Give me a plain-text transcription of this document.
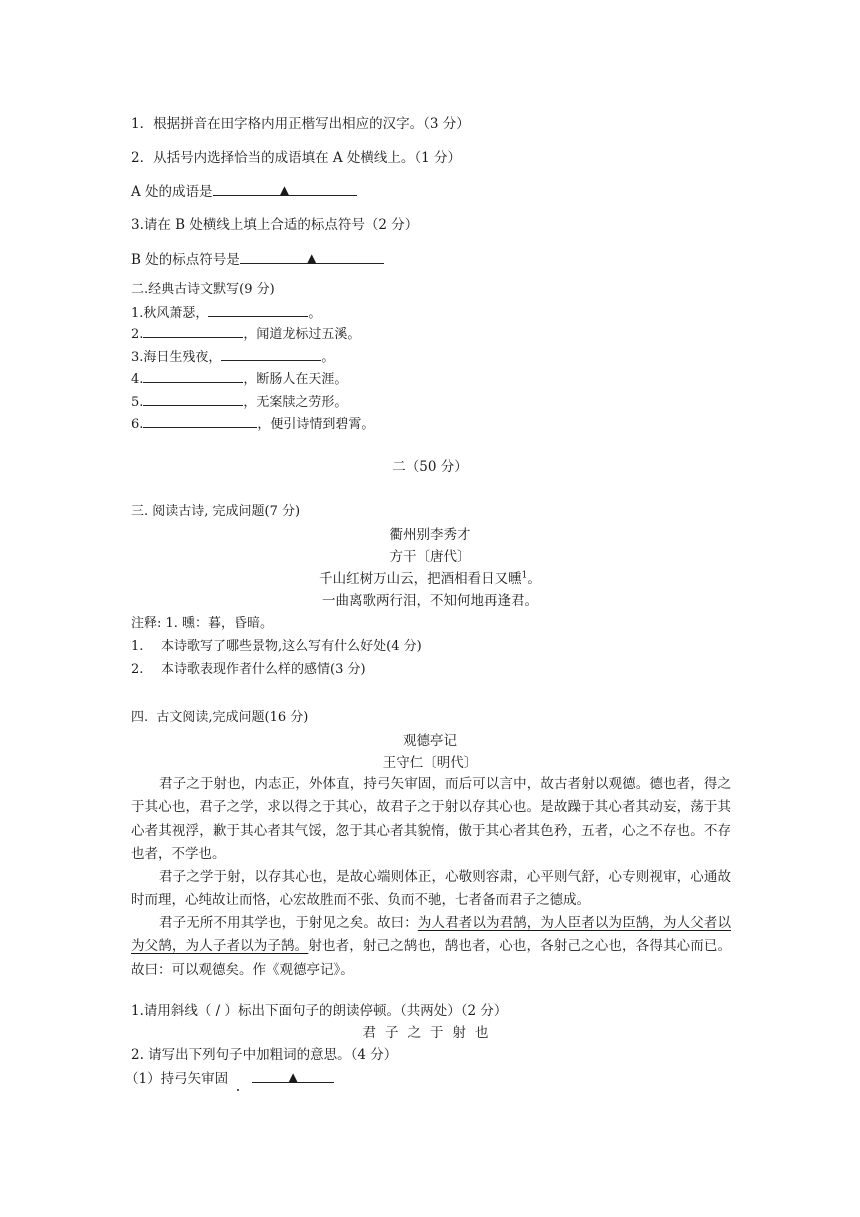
1．根据拼音在田字格内用正楷写出相应的汉字。（3 分）
2．从括号内选择恰当的成语填在 A 处横线上。（1 分）
A 处的成语是	▲
3.请在 B 处横线上填上合适的标点符号（2 分）
B 处的标点符号是	▲
二.经典古诗文默写(9 分)
1.秋风萧瑟，	。
2.	，闻道龙标过五溪。
3.海日生残夜，	。
4.	，断肠人在天涯。
5.	，无案牍之劳形。
6.	，便引诗情到碧霄。
二（50 分）
三. 阅读古诗, 完成问题(7 分)
衢州别李秀才
方干〔唐代〕
千山红树万山云，把酒相看日又曛$^1$。
一曲离歌两行泪，不知何地再逢君。
注释: 1. 曛：暮，昏暗。
1. 本诗歌写了哪些景物,这么写有什么好处(4 分)
2. 本诗歌表现作者什么样的感情(3 分)
四.  古文阅读,完成问题(16 分)
观德亭记
王守仁〔明代〕
君子之于射也，内志正，外体直，持弓矢审固，而后可以言中，故古者射以观德。德也者，得之于其心也，君子之学，求以得之于其心，故君子之于射以存其心也。是故躁于其心者其动妄，荡于其心者其视浮，歉于其心者其气馁，忽于其心者其貌惰，傲于其心者其色矜，五者，心之不存也。不存也者，不学也。
君子之学于射，以存其心也，是故心端则体正，心敬则容肃，心平则气舒，心专则视审，心通故时而理，心纯故让而恪，心宏故胜而不张、负而不驰，七者备而君子之德成。
君子无所不用其学也，于射见之矣。故曰：为人君者以为君鹄，为人臣者以为臣鹄，为人父者以为父鹄，为人子者以为子鹄。射也者，射己之鹄也，鹄也者，心也，各射己之心也，各得其心而已。故曰：可以观德矣。作《观德亭记》。
1.请用斜线（ / ）标出下面句子的朗读停顿。（共两处）（2 分）
君子之于射也
2. 请写出下列句子中加粗词的意思。（4 分）
（1）持弓矢审固	▲
